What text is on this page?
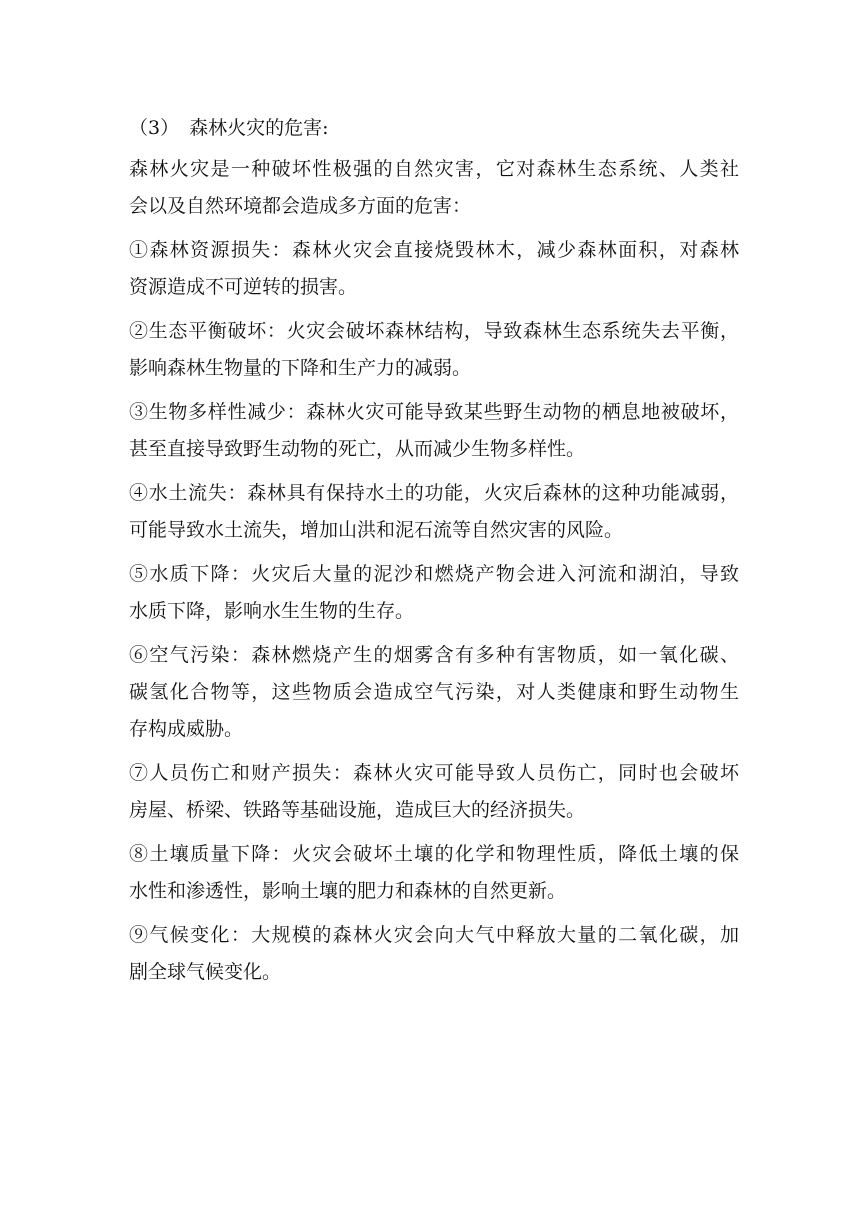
（3） 森林火灾的危害:
森林火灾是一种破坏性极强的自然灾害，它对森林生态系统、人类社
会以及自然环境都会造成多方面的危害：
①森林资源损失：森林火灾会直接烧毁林木，减少森林面积，对森林
资源造成不可逆转的损害。
②生态平衡破坏：火灾会破坏森林结构，导致森林生态系统失去平衡，
影响森林生物量的下降和生产力的减弱。
③生物多样性减少：森林火灾可能导致某些野生动物的栖息地被破坏，
甚至直接导致野生动物的死亡，从而减少生物多样性。
④水土流失：森林具有保持水土的功能，火灾后森林的这种功能减弱，
可能导致水土流失，增加山洪和泥石流等自然灾害的风险。
⑤水质下降：火灾后大量的泥沙和燃烧产物会进入河流和湖泊，导致
水质下降，影响水生生物的生存。
⑥空气污染：森林燃烧产生的烟雾含有多种有害物质，如一氧化碳、
碳氢化合物等，这些物质会造成空气污染，对人类健康和野生动物生
存构成威胁。
⑦人员伤亡和财产损失：森林火灾可能导致人员伤亡，同时也会破坏
房屋、桥梁、铁路等基础设施，造成巨大的经济损失。
⑧土壤质量下降：火灾会破坏土壤的化学和物理性质，降低土壤的保
水性和渗透性，影响土壤的肥力和森林的自然更新。
⑨气候变化：大规模的森林火灾会向大气中释放大量的二氧化碳，加
剧全球气候变化。
